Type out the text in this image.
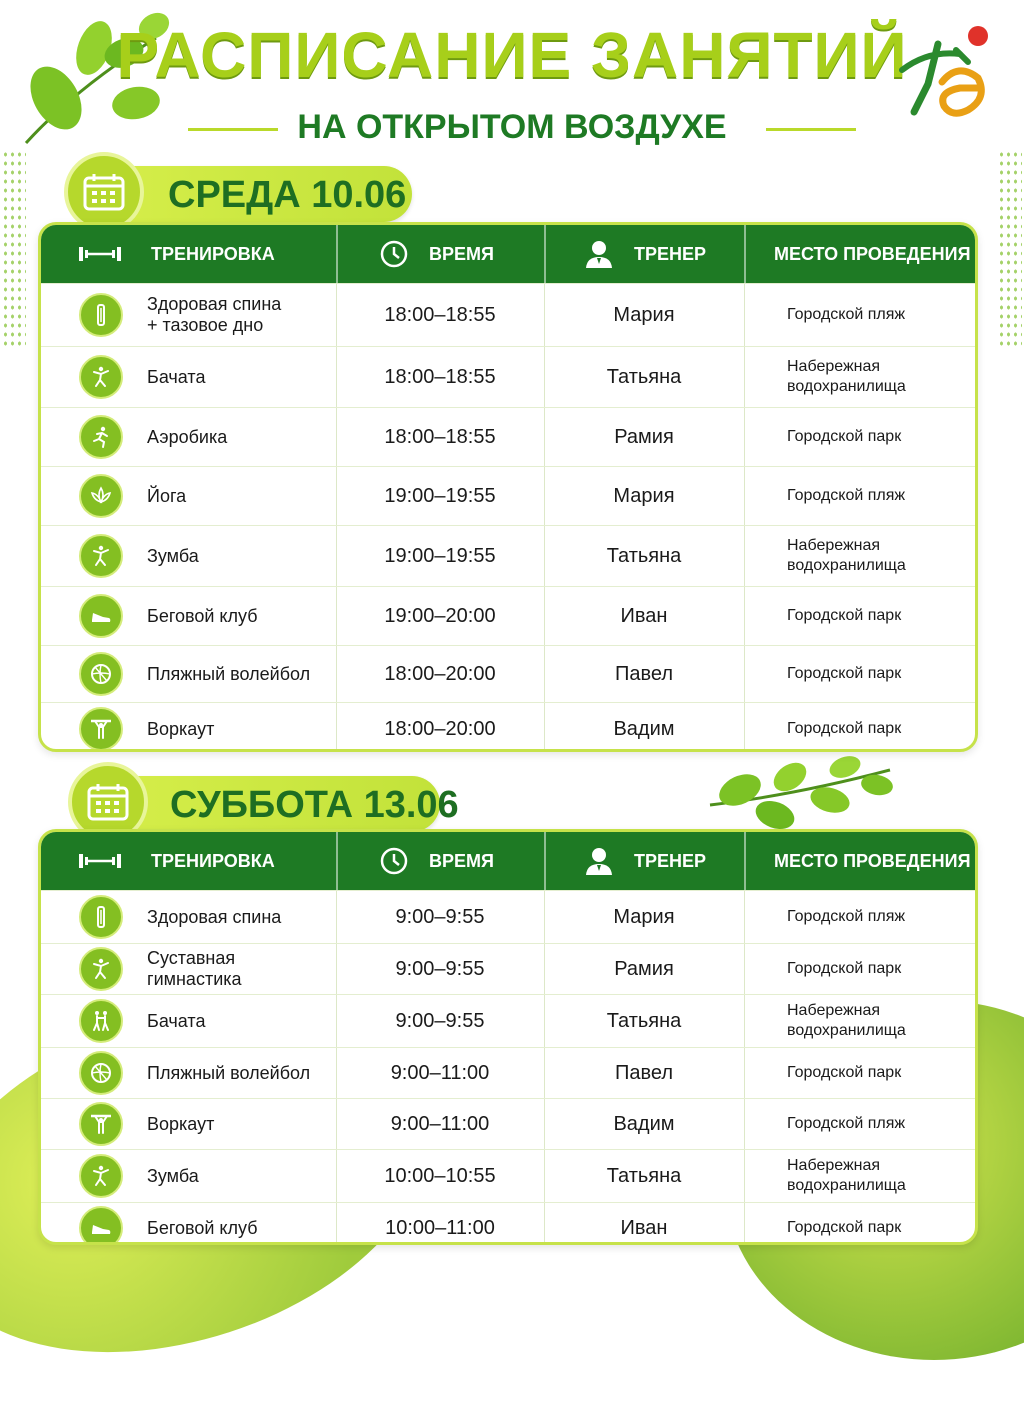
РАСПИСАНИЕ ЗАНЯТИЙ
НА ОТКРЫТОМ ВОЗДУХЕ
СРЕДА 10.06
ТРЕНИРОВКА	ВРЕМЯ	ТРЕНЕР	МЕСТО ПРОВЕДЕНИЯ
Здоровая спина
+ тазовое дно	18:00–18:55	Мария	Городской пляж
Бачата	18:00–18:55	Татьяна	Набережная
водохранилища
Аэробика	18:00–18:55	Рамия	Городской парк
Йога	19:00–19:55	Мария	Городской пляж
Зумба	19:00–19:55	Татьяна	Набережная
водохранилища
Беговой клуб	19:00–20:00	Иван	Городской парк
Пляжный волейбол	18:00–20:00	Павел	Городской парк
Воркаут	18:00–20:00	Вадим	Городской парк
СУББОТА 13.06
ТРЕНИРОВКА	ВРЕМЯ	ТРЕНЕР	МЕСТО ПРОВЕДЕНИЯ
Здоровая спина	9:00–9:55	Мария	Городской пляж
Суставная гимнастика	9:00–9:55	Рамия	Городской парк
Бачата	9:00–9:55	Татьяна	Набережная
водохранилища
Пляжный волейбол	9:00–11:00	Павел	Городской парк
Воркаут	9:00–11:00	Вадим	Городской пляж
Зумба	10:00–10:55	Татьяна	Набережная
водохранилища
Беговой клуб	10:00–11:00	Иван	Городской парк
